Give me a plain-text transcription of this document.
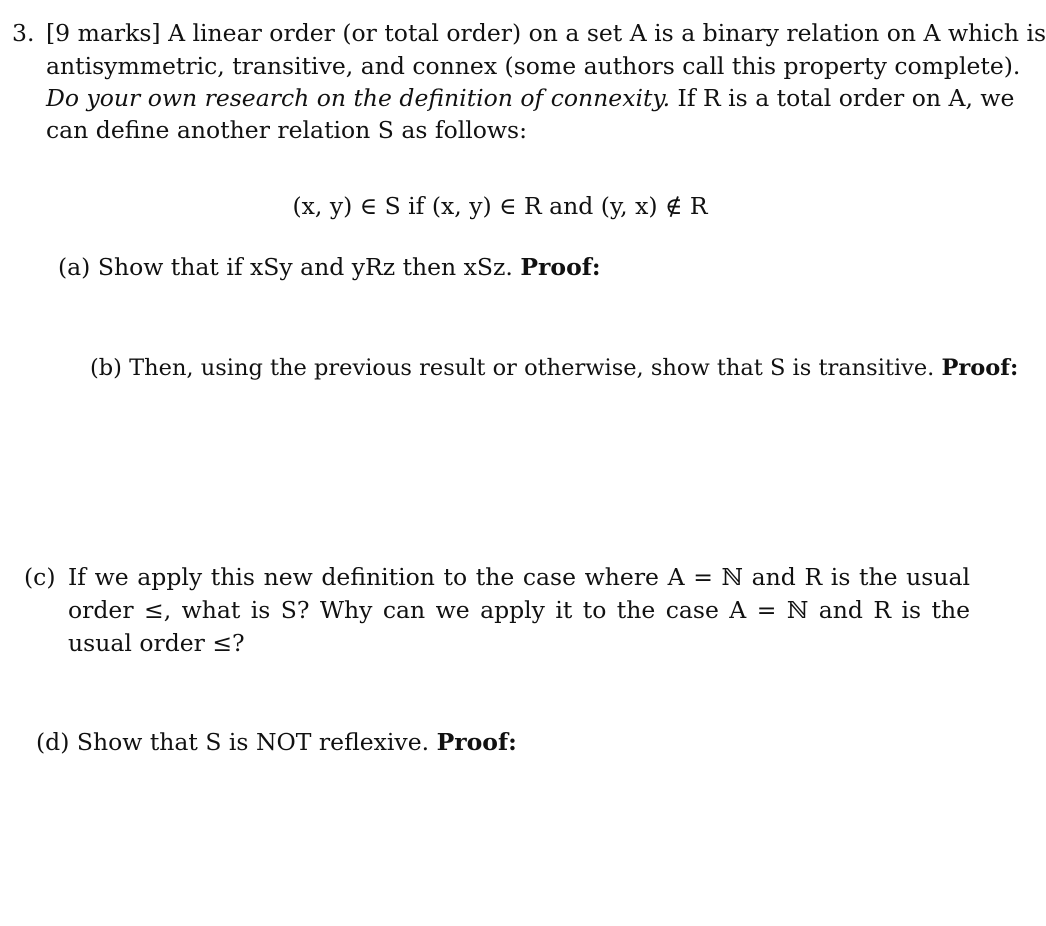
3. [9 marks] A linear order (or total order) on a set A is a binary relation on A which is
antisymmetric, transitive, and connex (some authors call this property complete).
Do your own research on the definition of connexity. If R is a total order on A, we
can define another relation S as follows:
(x, y) ∈ S if (x, y) ∈ R and (y, x) ∉ R
(a) Show that if xSy and yRz then xSz. Proof:
(b) Then, using the previous result or otherwise, show that S is transitive. Proof:
(c) If we apply this new definition to the case where A = ℕ and R is the usual
order ≤, what is S? Why can we apply it to the case A = ℕ and R is the
usual order ≤?
(d) Show that S is NOT reflexive. Proof:
